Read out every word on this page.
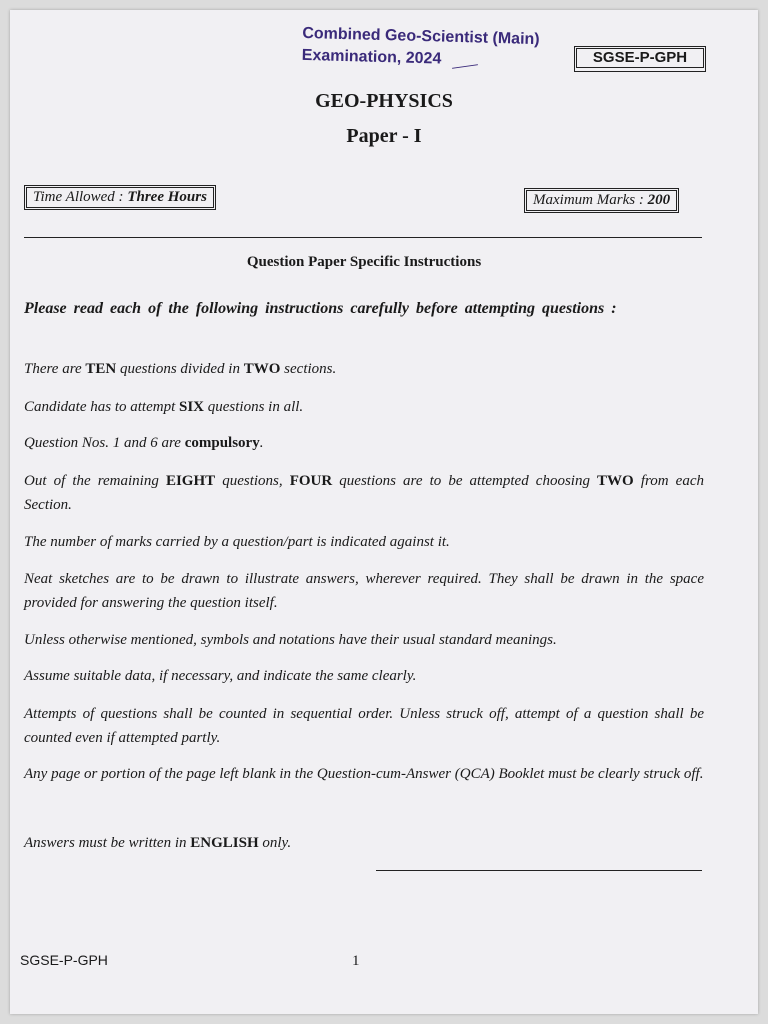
Combined Geo-Scientist (Main)
Examination, 2024	SGSE-P-GPH
GEO-PHYSICS
Paper - I
Time Allowed : Three Hours	Maximum Marks : 200
Question Paper Specific Instructions
Please read each of the following instructions carefully before attempting questions :
There are TEN questions divided in TWO sections.
Candidate has to attempt SIX questions in all.
Question Nos. 1 and 6 are compulsory.
Out of the remaining EIGHT questions, FOUR questions are to be attempted choosing TWO from each Section.
The number of marks carried by a question/part is indicated against it.
Neat sketches are to be drawn to illustrate answers, wherever required. They shall be drawn in the space provided for answering the question itself.
Unless otherwise mentioned, symbols and notations have their usual standard meanings.
Assume suitable data, if necessary, and indicate the same clearly.
Attempts of questions shall be counted in sequential order. Unless struck off, attempt of a question shall be counted even if attempted partly.
Any page or portion of the page left blank in the Question-cum-Answer (QCA) Booklet must be clearly struck off.
Answers must be written in ENGLISH only.
SGSE-P-GPH	1
